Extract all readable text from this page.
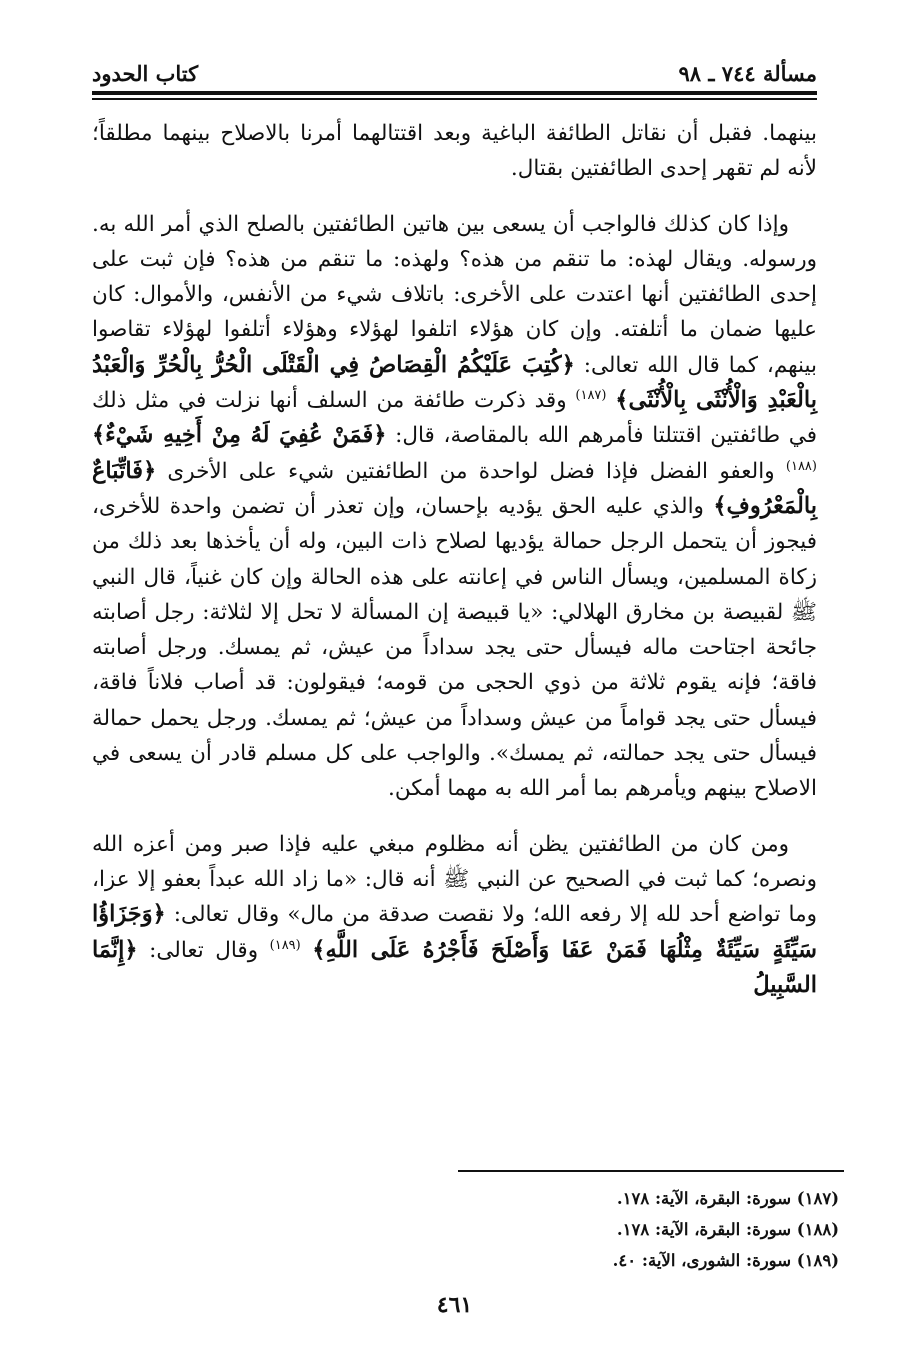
مسألة ٧٤٤ ـ ٩٨
كتاب الحدود

بينهما. فقبل أن نقاتل الطائفة الباغية وبعد اقتتالهما أمرنا بالاصلاح بينهما مطلقاً؛ لأنه لم تقهر إحدى الطائفتين بقتال.

وإذا كان كذلك فالواجب أن يسعى بين هاتين الطائفتين بالصلح الذي أمر الله به. ورسوله. ويقال لهذه: ما تنقم من هذه؟ ولهذه: ما تنقم من هذه؟ فإن ثبت على إحدى الطائفتين أنها اعتدت على الأخرى: باتلاف شيء من الأنفس، والأموال: كان عليها ضمان ما أتلفته. وإن كان هؤلاء اتلفوا لهؤلاء وهؤلاء أتلفوا لهؤلاء تقاصوا بينهم، كما قال الله تعالى: ﴿كُتِبَ عَلَيْكُمُ الْقِصَاصُ فِي الْقَتْلَى الْحُرُّ بِالْحُرِّ وَالْعَبْدُ بِالْعَبْدِ وَالْأُنْثَى بِالْأُنْثَى﴾ $^{(١٨٧)}$ وقد ذكرت طائفة من السلف أنها نزلت في مثل ذلك في طائفتين اقتتلتا فأمرهم الله بالمقاصة، قال: ﴿فَمَنْ عُفِيَ لَهُ مِنْ أَخِيهِ شَيْءٌ﴾ $^{(١٨٨)}$ والعفو الفضل فإذا فضل لواحدة من الطائفتين شيء على الأخرى ﴿فَاتِّبَاعٌ بِالْمَعْرُوفِ﴾ والذي عليه الحق يؤديه بإحسان، وإن تعذر أن تضمن واحدة للأخرى، فيجوز أن يتحمل الرجل حمالة يؤديها لصلاح ذات البين، وله أن يأخذها بعد ذلك من زكاة المسلمين، ويسأل الناس في إعانته على هذه الحالة وإن كان غنياً، قال النبي ﷺ لقبيصة بن مخارق الهلالي: «يا قبيصة إن المسألة لا تحل إلا لثلاثة: رجل أصابته جائحة اجتاحت ماله فيسأل حتى يجد سداداً من عيش، ثم يمسك. ورجل أصابته فاقة؛ فإنه يقوم ثلاثة من ذوي الحجى من قومه؛ فيقولون: قد أصاب فلاناً فاقة، فيسأل حتى يجد قواماً من عيش وسداداً من عيش؛ ثم يمسك. ورجل يحمل حمالة فيسأل حتى يجد حمالته، ثم يمسك». والواجب على كل مسلم قادر أن يسعى في الاصلاح بينهم ويأمرهم بما أمر الله به مهما أمكن.

ومن كان من الطائفتين يظن أنه مظلوم مبغي عليه فإذا صبر ومن أعزه الله ونصره؛ كما ثبت في الصحيح عن النبي ﷺ أنه قال: «ما زاد الله عبداً بعفو إلا عزا، وما تواضع أحد لله إلا رفعه الله؛ ولا نقصت صدقة من مال» وقال تعالى: ﴿وَجَزَاؤُا سَيِّئَةٍ سَيِّئَةٌ مِثْلُهَا فَمَنْ عَفَا وَأَصْلَحَ فَأَجْرُهُ عَلَى اللَّهِ﴾ $^{(١٨٩)}$ وقال تعالى: ﴿إِنَّمَا السَّبِيلُ

(١٨٧) سورة: البقرة، الآية: ١٧٨.
(١٨٨) سورة: البقرة، الآية: ١٧٨.
(١٨٩) سورة: الشورى، الآية: ٤٠.
٤٦١
